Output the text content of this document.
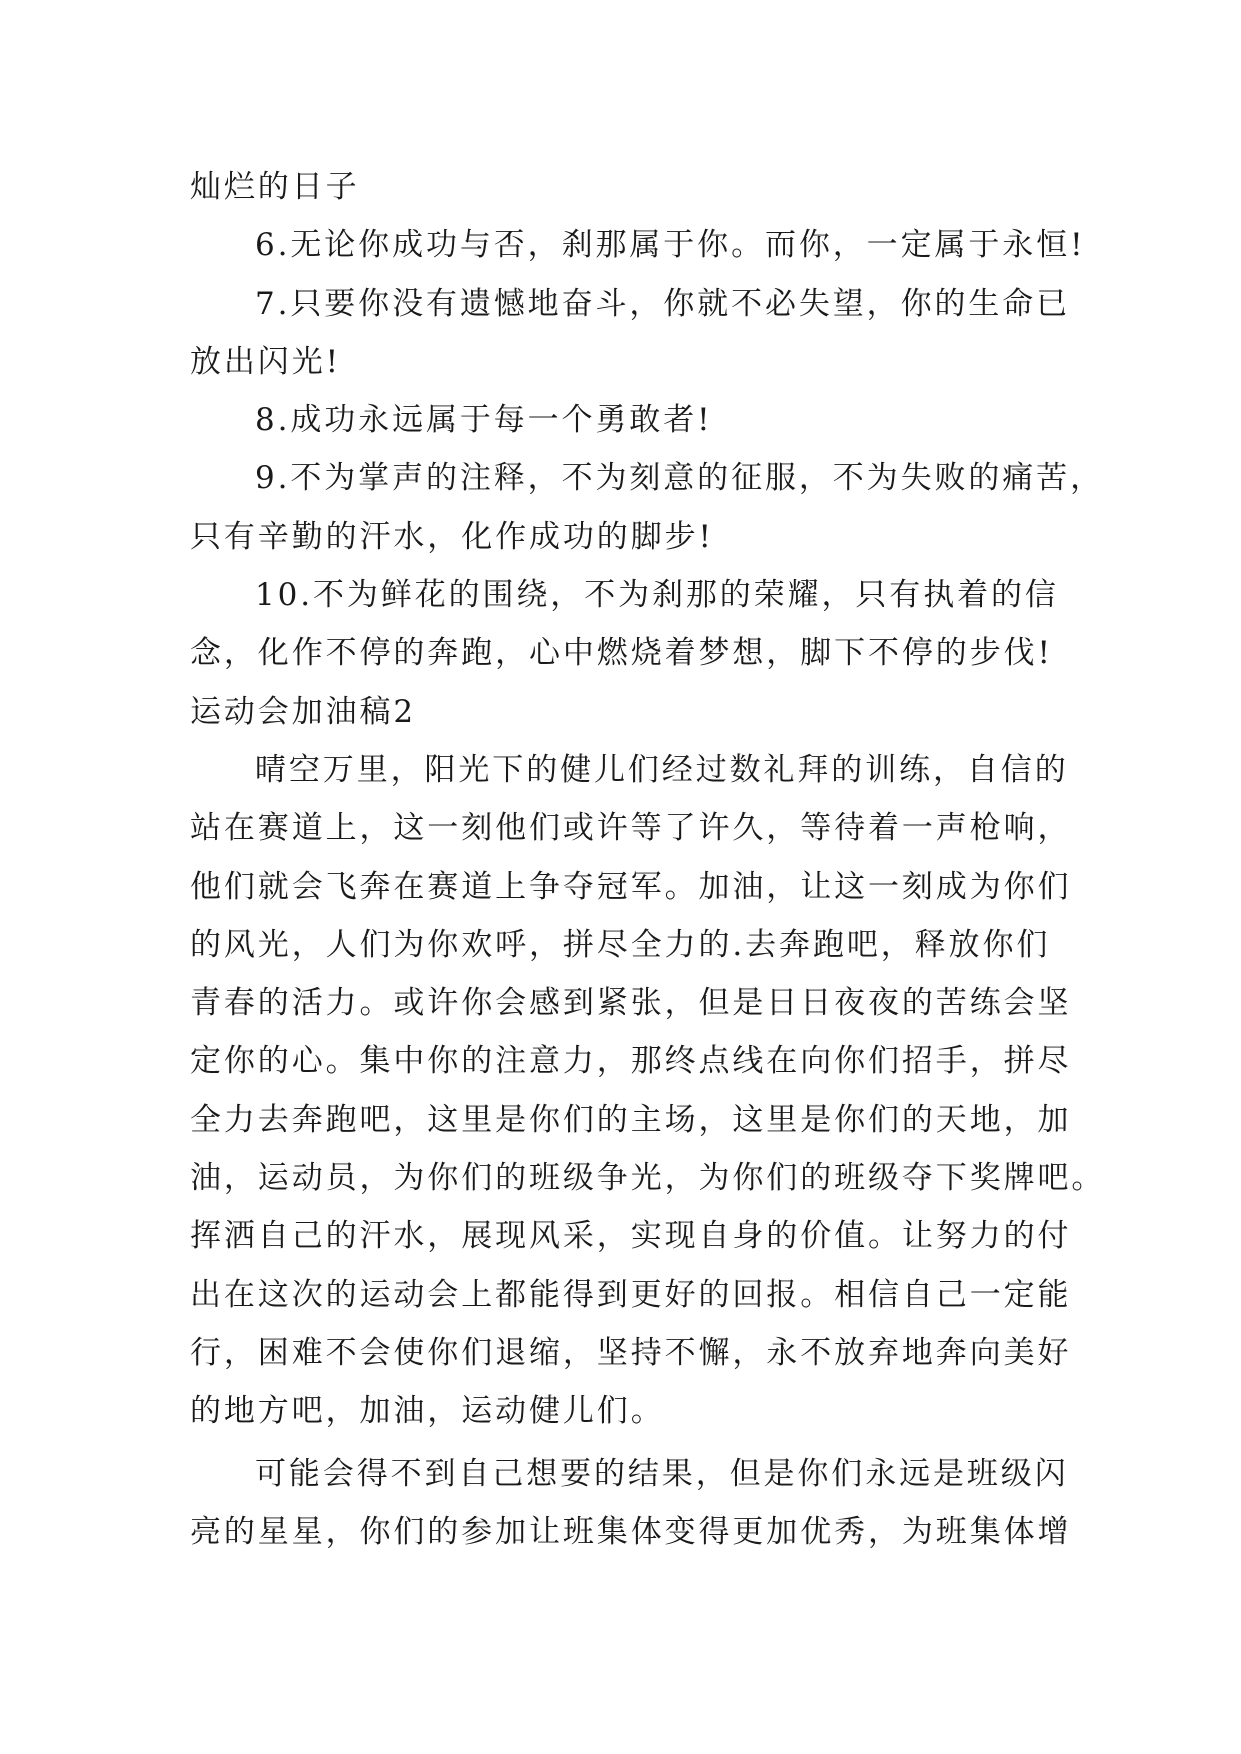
灿烂的日子
6.无论你成功与否，刹那属于你。而你，一定属于永恒!
7.只要你没有遗憾地奋斗，你就不必失望，你的生命已
放出闪光!
8.成功永远属于每一个勇敢者!
9.不为掌声的注释，不为刻意的征服，不为失败的痛苦，
只有辛勤的汗水，化作成功的脚步!
10.不为鲜花的围绕，不为刹那的荣耀，只有执着的信
念，化作不停的奔跑，心中燃烧着梦想，脚下不停的步伐!
运动会加油稿2
晴空万里，阳光下的健儿们经过数礼拜的训练，自信的
站在赛道上，这一刻他们或许等了许久，等待着一声枪响，
他们就会飞奔在赛道上争夺冠军。加油，让这一刻成为你们
的风光，人们为你欢呼，拼尽全力的.去奔跑吧，释放你们
青春的活力。或许你会感到紧张，但是日日夜夜的苦练会坚
定你的心。集中你的注意力，那终点线在向你们招手，拼尽
全力去奔跑吧，这里是你们的主场，这里是你们的天地，加
油，运动员，为你们的班级争光，为你们的班级夺下奖牌吧。
挥洒自己的汗水，展现风采，实现自身的价值。让努力的付
出在这次的运动会上都能得到更好的回报。相信自己一定能
行，困难不会使你们退缩，坚持不懈，永不放弃地奔向美好
的地方吧，加油，运动健儿们。
可能会得不到自己想要的结果，但是你们永远是班级闪
亮的星星，你们的参加让班集体变得更加优秀，为班集体增
